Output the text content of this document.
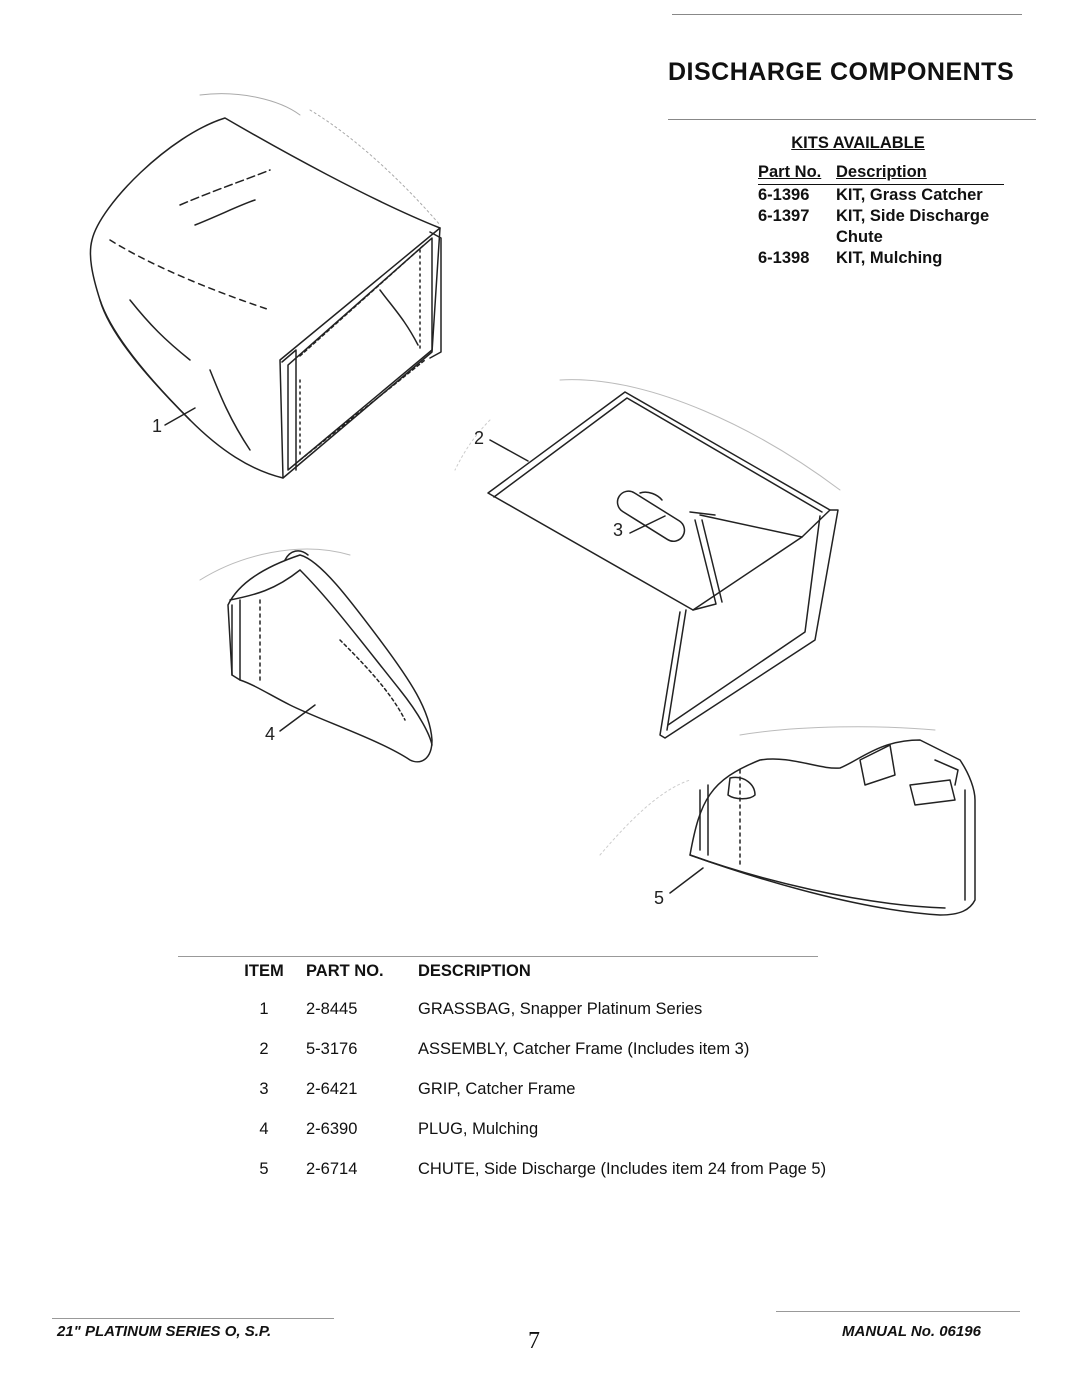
DISCHARGE COMPONENTS
KITS AVAILABLE
Part No. Description
6-1396	KIT, Grass Catcher
6-1397	KIT, Side Discharge
Chute
6-1398	KIT, Mulching
1
2
3
4
5
ITEM	PART NO.	DESCRIPTION
1	2-8445	GRASSBAG, Snapper Platinum Series
2	5-3176	ASSEMBLY, Catcher Frame (Includes item 3)
3	2-6421	GRIP, Catcher Frame
4	2-6390	PLUG, Mulching
5	2-6714	CHUTE, Side Discharge (Includes item 24 from Page 5)
21" PLATINUM SERIES O, S.P.	7	MANUAL No. 06196
